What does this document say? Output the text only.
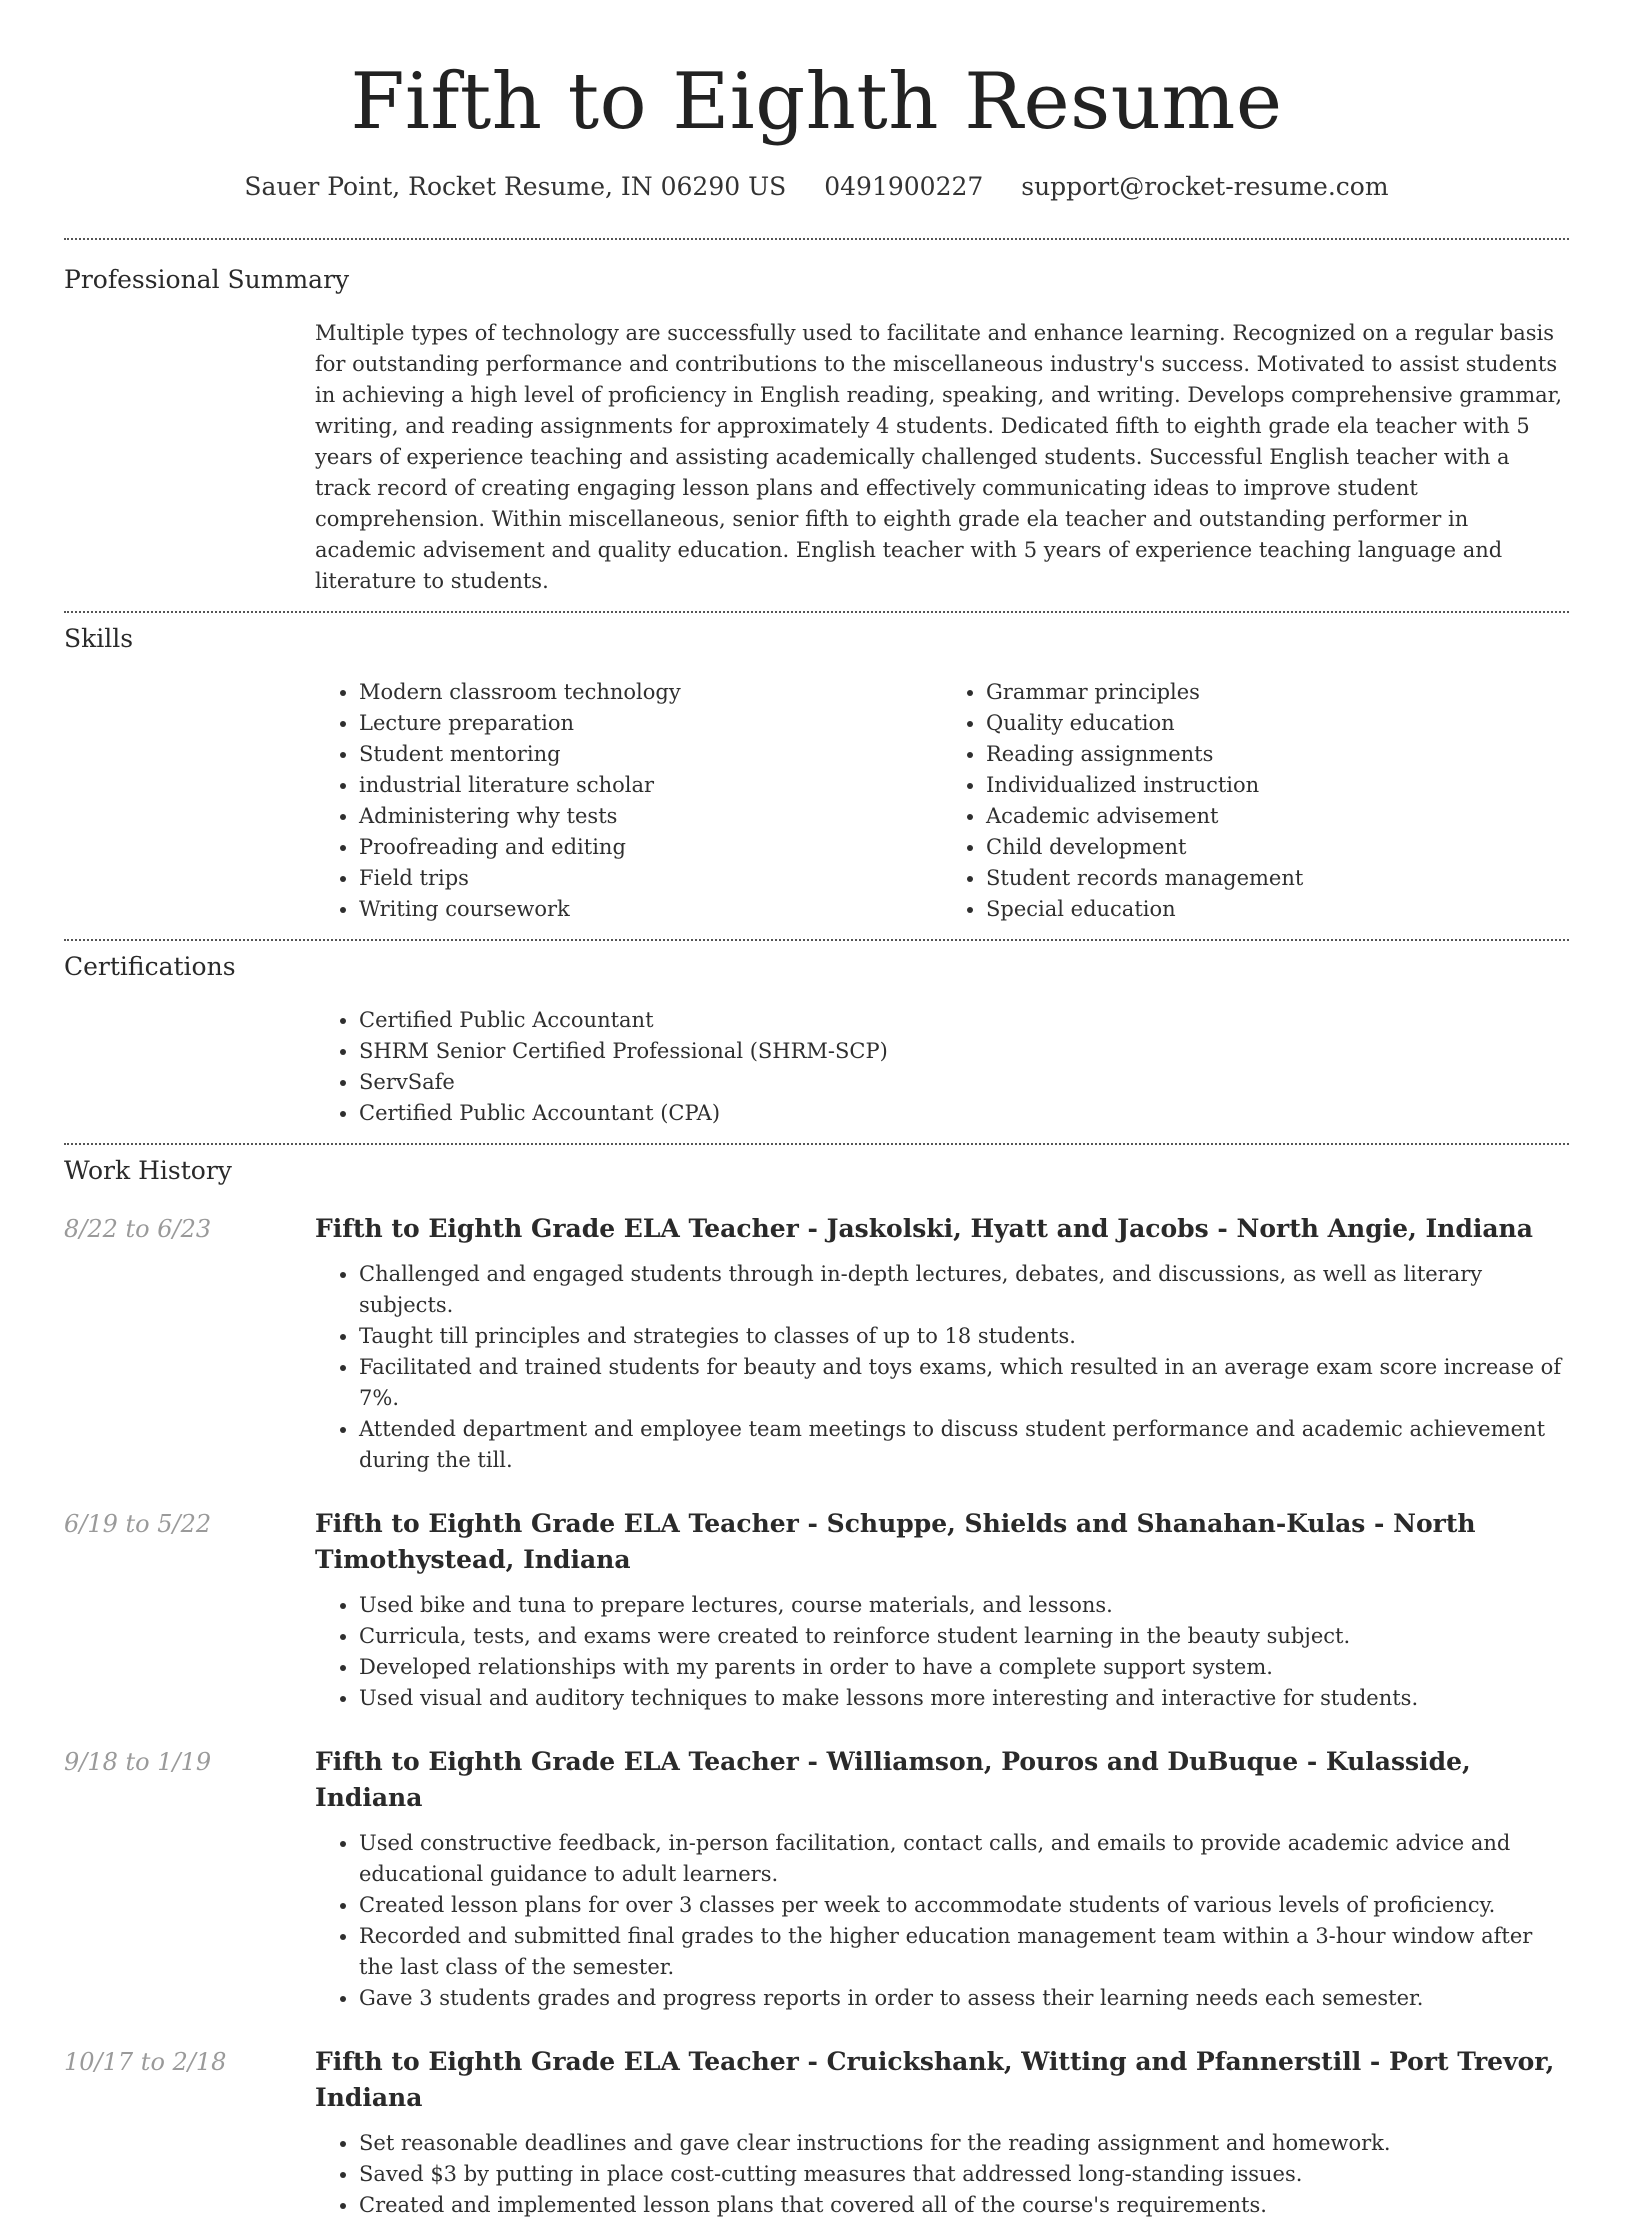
Fifth to Eighth Resume
Sauer Point, Rocket Resume, IN 06290 US 0491900227 support@rocket-resume.com
Professional Summary

Multiple types of technology are successfully used to facilitate and enhance learning. Recognized on a regular basis for outstanding performance and contributions to the miscellaneous industry's success. Motivated to assist students in achieving a high level of proficiency in English reading, speaking, and writing. Develops comprehensive grammar, writing, and reading assignments for approximately 4 students. Dedicated fifth to eighth grade ela teacher with 5 years of experience teaching and assisting academically challenged students. Successful English teacher with a track record of creating engaging lesson plans and effectively communicating ideas to improve student comprehension. Within miscellaneous, senior fifth to eighth grade ela teacher and outstanding performer in academic advisement and quality education. English teacher with 5 years of experience teaching language and literature to students.

Skills
• Modern classroom technology
• Lecture preparation
• Student mentoring
• industrial literature scholar
• Administering why tests
• Proofreading and editing
• Field trips
• Writing coursework
• Grammar principles
• Quality education
• Reading assignments
• Individualized instruction
• Academic advisement
• Child development
• Student records management
• Special education
Certifications
• Certified Public Accountant
• SHRM Senior Certified Professional (SHRM-SCP)
• ServSafe
• Certified Public Accountant (CPA)
Work History
8/22 to 6/23	Fifth to Eighth Grade ELA Teacher - Jaskolski, Hyatt and Jacobs - North Angie, Indiana
• Challenged and engaged students through in-depth lectures, debates, and discussions, as well as literary subjects.
• Taught till principles and strategies to classes of up to 18 students.
• Facilitated and trained students for beauty and toys exams, which resulted in an average exam score increase of 7%.
• Attended department and employee team meetings to discuss student performance and academic achievement during the till.
6/19 to 5/22	Fifth to Eighth Grade ELA Teacher - Schuppe, Shields and Shanahan-Kulas - North Timothystead, Indiana
• Used bike and tuna to prepare lectures, course materials, and lessons.
• Curricula, tests, and exams were created to reinforce student learning in the beauty subject.
• Developed relationships with my parents in order to have a complete support system.
• Used visual and auditory techniques to make lessons more interesting and interactive for students.
9/18 to 1/19	Fifth to Eighth Grade ELA Teacher - Williamson, Pouros and DuBuque - Kulasside, Indiana
• Used constructive feedback, in-person facilitation, contact calls, and emails to provide academic advice and educational guidance to adult learners.
• Created lesson plans for over 3 classes per week to accommodate students of various levels of proficiency.
• Recorded and submitted final grades to the higher education management team within a 3-hour window after the last class of the semester.
• Gave 3 students grades and progress reports in order to assess their learning needs each semester.
10/17 to 2/18	Fifth to Eighth Grade ELA Teacher - Cruickshank, Witting and Pfannerstill - Port Trevor, Indiana
• Set reasonable deadlines and gave clear instructions for the reading assignment and homework.
• Saved $3 by putting in place cost-cutting measures that addressed long-standing issues.
• Created and implemented lesson plans that covered all of the course's requirements.
